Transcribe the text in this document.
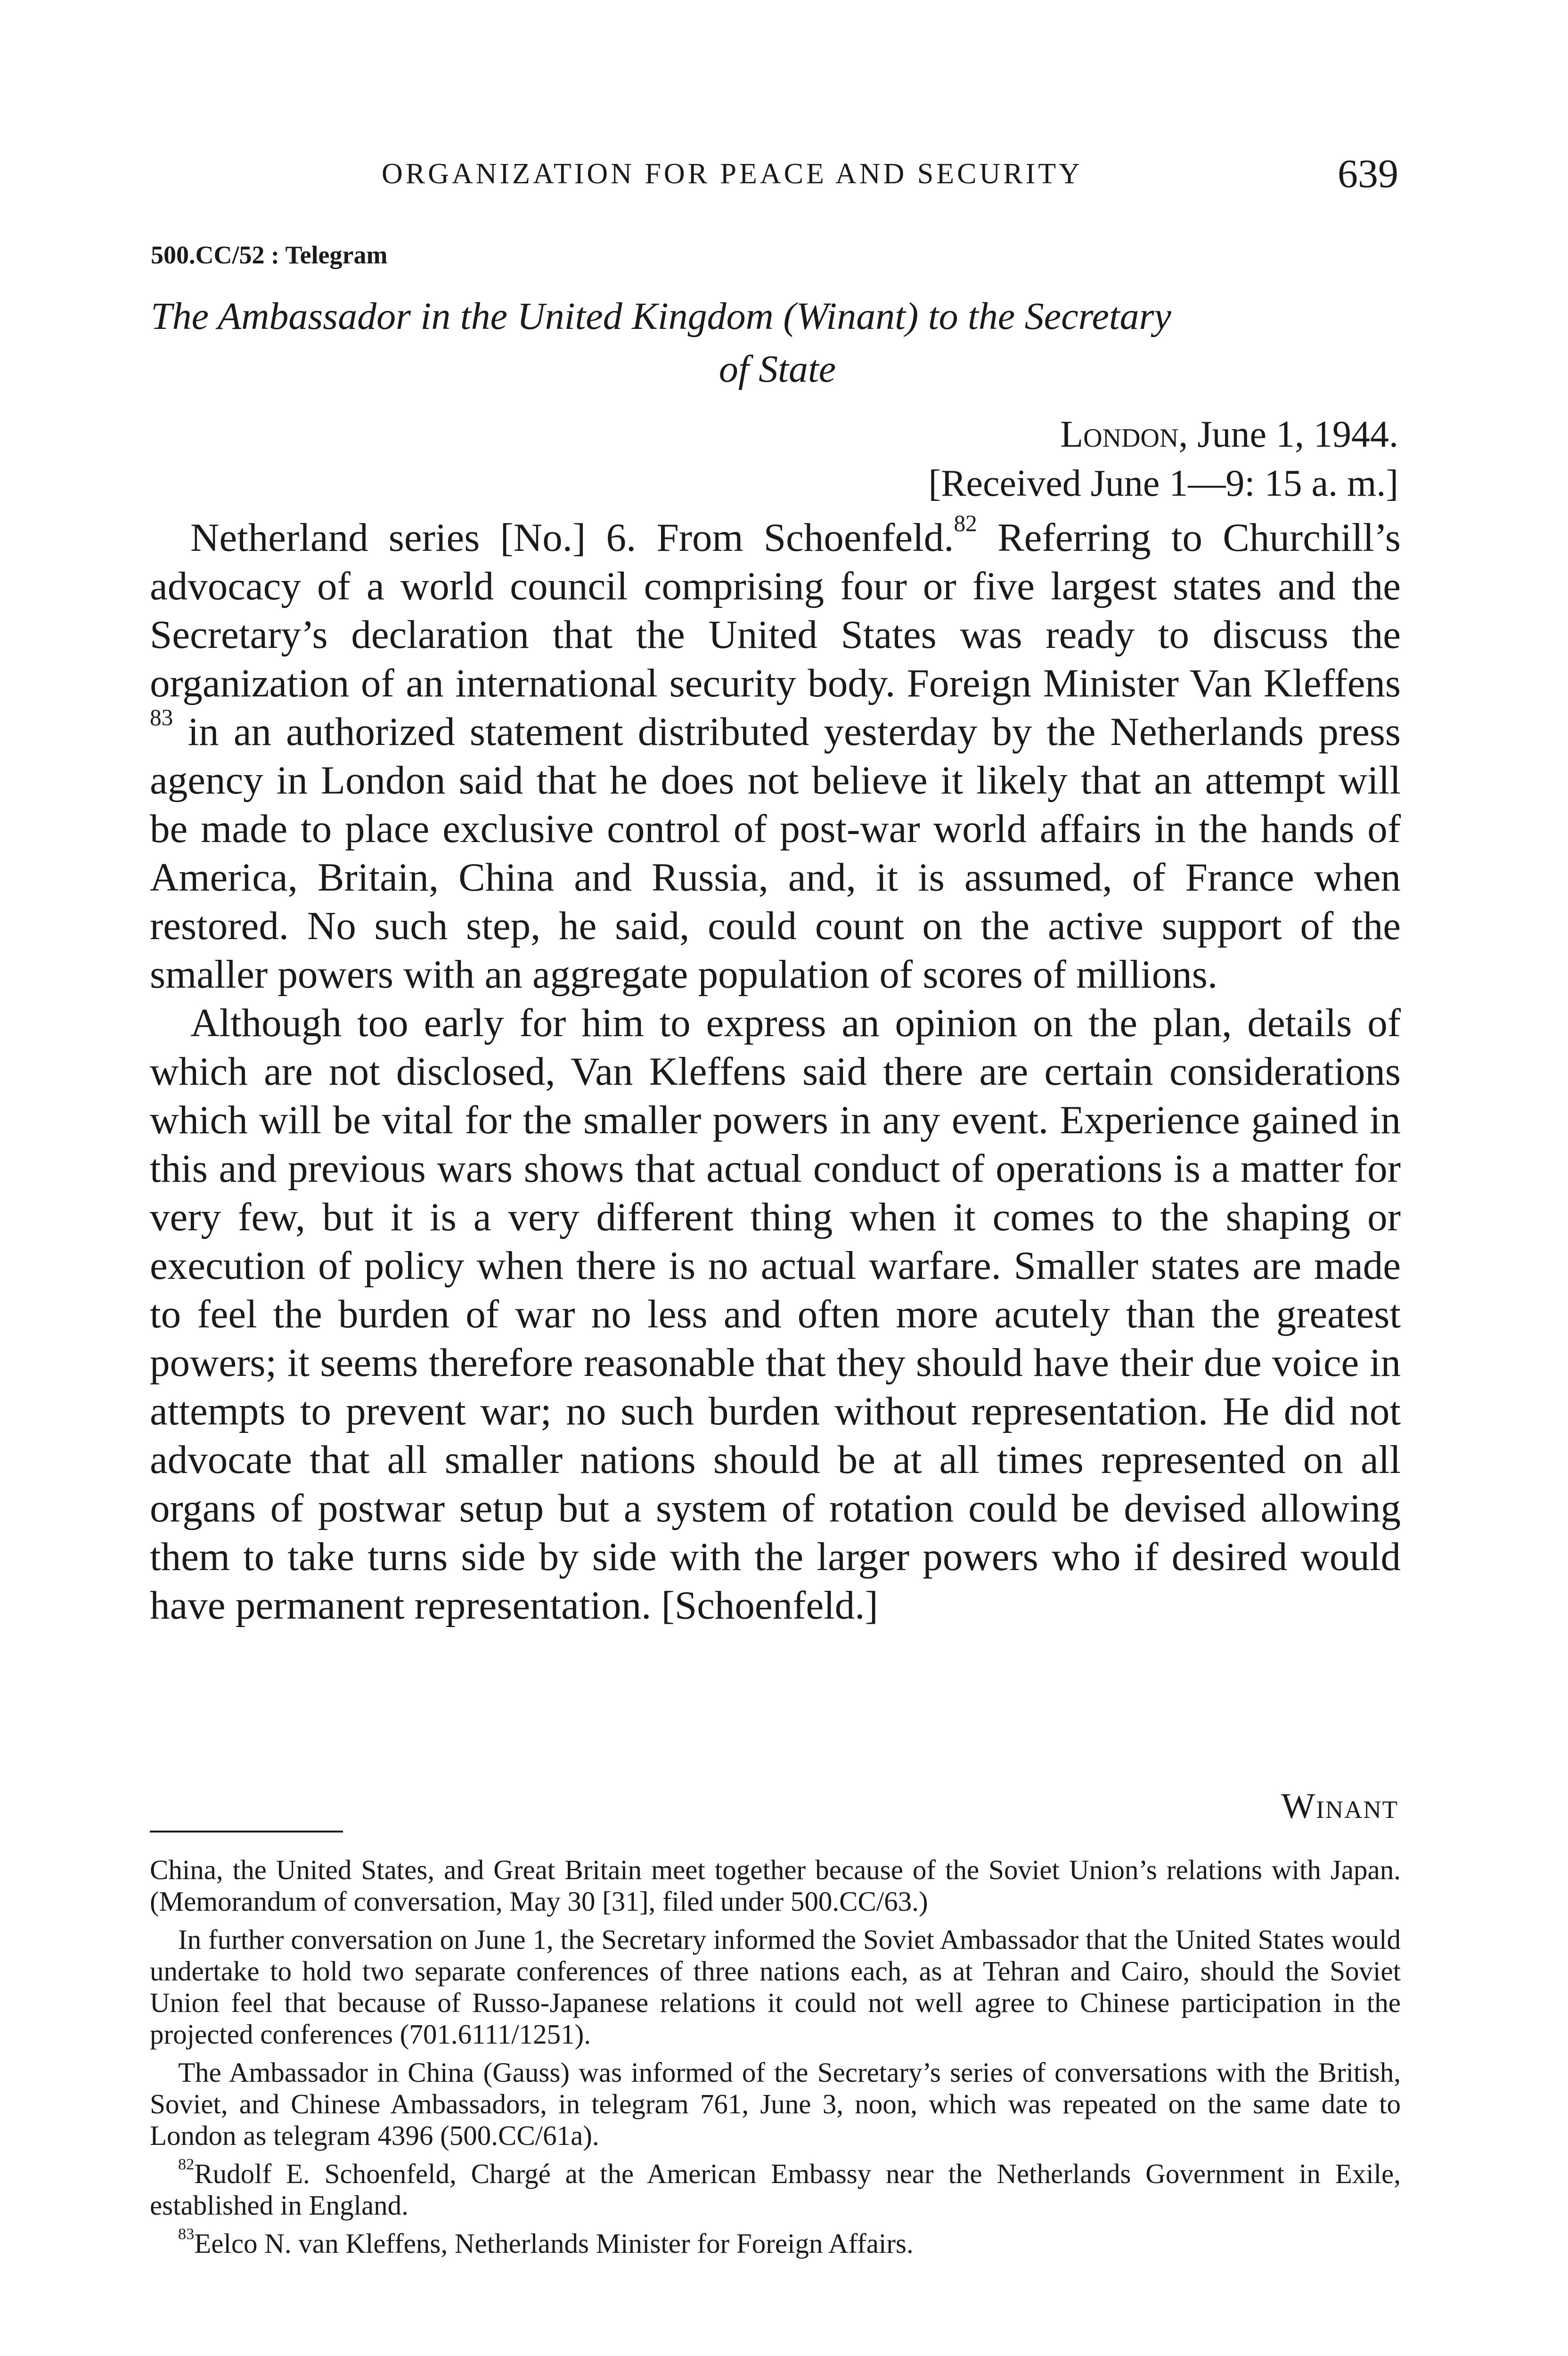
ORGANIZATION FOR PEACE AND SECURITY	639
500.CC/52 : Telegram
The Ambassador in the United Kingdom (Winant) to the Secretary
of State
London, June 1, 1944.
[Received June 1—9: 15 a. m.]

Netherland series [No.] 6. From Schoenfeld.$^{82}$ Referring to Churchill’s advocacy of a world council comprising four or five largest states and the Secretary’s declaration that the United States was ready to discuss the organization of an international security body. Foreign Minister Van Kleffens $^{83}$ in an authorized statement distributed yesterday by the Netherlands press agency in London said that he does not believe it likely that an attempt will be made to place exclusive control of post-war world affairs in the hands of America, Britain, China and Russia, and, it is assumed, of France when restored. No such step, he said, could count on the active support of the smaller powers with an aggregate population of scores of millions.

Although too early for him to express an opinion on the plan, details of which are not disclosed, Van Kleffens said there are certain considerations which will be vital for the smaller powers in any event. Experience gained in this and previous wars shows that actual conduct of operations is a matter for very few, but it is a very different thing when it comes to the shaping or execution of policy when there is no actual warfare. Smaller states are made to feel the burden of war no less and often more acutely than the greatest powers; it seems therefore reasonable that they should have their due voice in attempts to prevent war; no such burden without representation. He did not advocate that all smaller nations should be at all times represented on all organs of postwar setup but a system of rotation could be devised allowing them to take turns side by side with the larger powers who if desired would have permanent representation. [Schoenfeld.]

Winant

China, the United States, and Great Britain meet together because of the Soviet Union’s relations with Japan. (Memorandum of conversation, May 30 [31], filed under 500.CC/63.)

In further conversation on June 1, the Secretary informed the Soviet Ambassador that the United States would undertake to hold two separate conferences of three nations each, as at Tehran and Cairo, should the Soviet Union feel that because of Russo-Japanese relations it could not well agree to Chinese participation in the projected conferences (701.6111/1251).

The Ambassador in China (Gauss) was informed of the Secretary’s series of conversations with the British, Soviet, and Chinese Ambassadors, in telegram 761, June 3, noon, which was repeated on the same date to London as telegram 4396 (500.CC/61a).

$^{82}$Rudolf E. Schoenfeld, Chargé at the American Embassy near the Netherlands Government in Exile, established in England.

$^{83}$Eelco N. van Kleffens, Netherlands Minister for Foreign Affairs.
